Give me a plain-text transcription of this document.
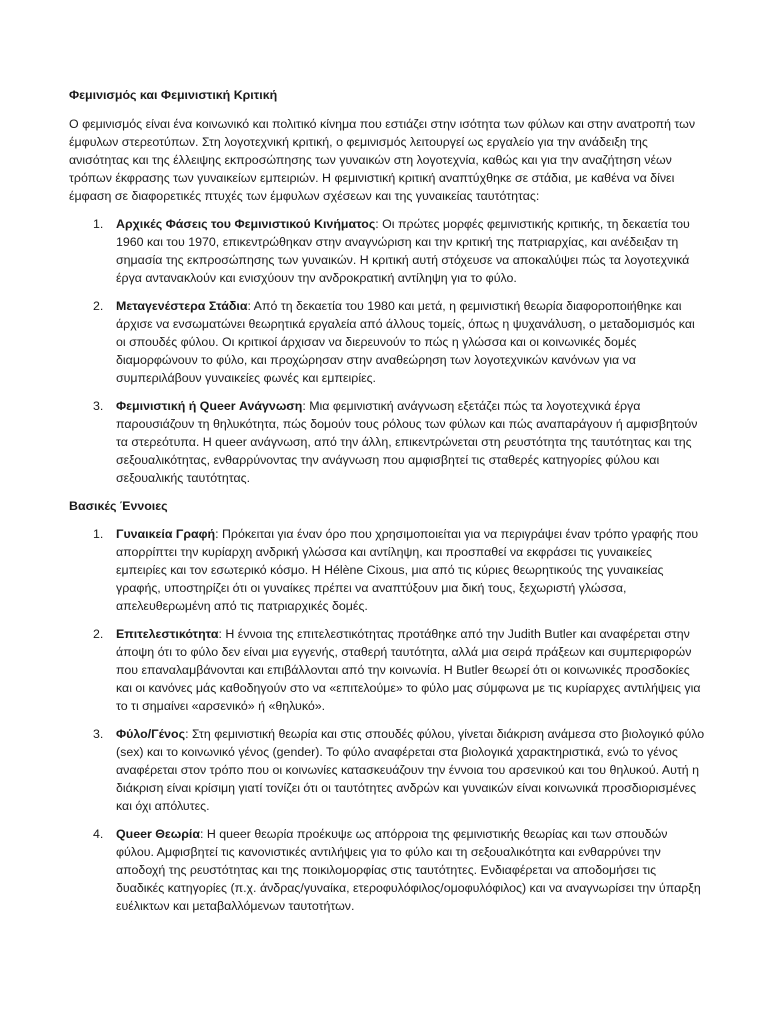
Φεμινισμός και Φεμινιστική Κριτική
Ο φεμινισμός είναι ένα κοινωνικό και πολιτικό κίνημα που εστιάζει στην ισότητα των φύλων και στην ανατροπή των έμφυλων στερεοτύπων. Στη λογοτεχνική κριτική, ο φεμινισμός λειτουργεί ως εργαλείο για την ανάδειξη της ανισότητας και της έλλειψης εκπροσώπησης των γυναικών στη λογοτεχνία, καθώς και για την αναζήτηση νέων τρόπων έκφρασης των γυναικείων εμπειριών. Η φεμινιστική κριτική αναπτύχθηκε σε στάδια, με καθένα να δίνει έμφαση σε διαφορετικές πτυχές των έμφυλων σχέσεων και της γυναικείας ταυτότητας:
1. Αρχικές Φάσεις του Φεμινιστικού Κινήματος: Οι πρώτες μορφές φεμινιστικής κριτικής, τη δεκαετία του 1960 και του 1970, επικεντρώθηκαν στην αναγνώριση και την κριτική της πατριαρχίας, και ανέδειξαν τη σημασία της εκπροσώπησης των γυναικών. Η κριτική αυτή στόχευσε να αποκαλύψει πώς τα λογοτεχνικά έργα αντανακλούν και ενισχύουν την ανδροκρατική αντίληψη για το φύλο.
2. Μεταγενέστερα Στάδια: Από τη δεκαετία του 1980 και μετά, η φεμινιστική θεωρία διαφοροποιήθηκε και άρχισε να ενσωματώνει θεωρητικά εργαλεία από άλλους τομείς, όπως η ψυχανάλυση, ο μεταδομισμός και οι σπουδές φύλου. Οι κριτικοί άρχισαν να διερευνούν το πώς η γλώσσα και οι κοινωνικές δομές διαμορφώνουν το φύλο, και προχώρησαν στην αναθεώρηση των λογοτεχνικών κανόνων για να συμπεριλάβουν γυναικείες φωνές και εμπειρίες.
3. Φεμινιστική ή Queer Ανάγνωση: Μια φεμινιστική ανάγνωση εξετάζει πώς τα λογοτεχνικά έργα παρουσιάζουν τη θηλυκότητα, πώς δομούν τους ρόλους των φύλων και πώς αναπαράγουν ή αμφισβητούν τα στερεότυπα. Η queer ανάγνωση, από την άλλη, επικεντρώνεται στη ρευστότητα της ταυτότητας και της σεξουαλικότητας, ενθαρρύνοντας την ανάγνωση που αμφισβητεί τις σταθερές κατηγορίες φύλου και σεξουαλικής ταυτότητας.
Βασικές Έννοιες
1. Γυναικεία Γραφή: Πρόκειται για έναν όρο που χρησιμοποιείται για να περιγράψει έναν τρόπο γραφής που απορρίπτει την κυρίαρχη ανδρική γλώσσα και αντίληψη, και προσπαθεί να εκφράσει τις γυναικείες εμπειρίες και τον εσωτερικό κόσμο. Η Hélène Cixous, μια από τις κύριες θεωρητικούς της γυναικείας γραφής, υποστηρίζει ότι οι γυναίκες πρέπει να αναπτύξουν μια δική τους, ξεχωριστή γλώσσα, απελευθερωμένη από τις πατριαρχικές δομές.
2. Επιτελεστικότητα: Η έννοια της επιτελεστικότητας προτάθηκε από την Judith Butler και αναφέρεται στην άποψη ότι το φύλο δεν είναι μια εγγενής, σταθερή ταυτότητα, αλλά μια σειρά πράξεων και συμπεριφορών που επαναλαμβάνονται και επιβάλλονται από την κοινωνία. Η Butler θεωρεί ότι οι κοινωνικές προσδοκίες και οι κανόνες μάς καθοδηγούν στο να «επιτελούμε» το φύλο μας σύμφωνα με τις κυρίαρχες αντιλήψεις για το τι σημαίνει «αρσενικό» ή «θηλυκό».
3. Φύλο/Γένος: Στη φεμινιστική θεωρία και στις σπουδές φύλου, γίνεται διάκριση ανάμεσα στο βιολογικό φύλο (sex) και το κοινωνικό γένος (gender). Το φύλο αναφέρεται στα βιολογικά χαρακτηριστικά, ενώ το γένος αναφέρεται στον τρόπο που οι κοινωνίες κατασκευάζουν την έννοια του αρσενικού και του θηλυκού. Αυτή η διάκριση είναι κρίσιμη γιατί τονίζει ότι οι ταυτότητες ανδρών και γυναικών είναι κοινωνικά προσδιορισμένες και όχι απόλυτες.
4. Queer Θεωρία: Η queer θεωρία προέκυψε ως απόρροια της φεμινιστικής θεωρίας και των σπουδών φύλου. Αμφισβητεί τις κανονιστικές αντιλήψεις για το φύλο και τη σεξουαλικότητα και ενθαρρύνει την αποδοχή της ρευστότητας και της ποικιλομορφίας στις ταυτότητες. Ενδιαφέρεται να αποδομήσει τις δυαδικές κατηγορίες (π.χ. άνδρας/γυναίκα, ετεροφυλόφιλος/ομοφυλόφιλος) και να αναγνωρίσει την ύπαρξη ευέλικτων και μεταβαλλόμενων ταυτοτήτων.
